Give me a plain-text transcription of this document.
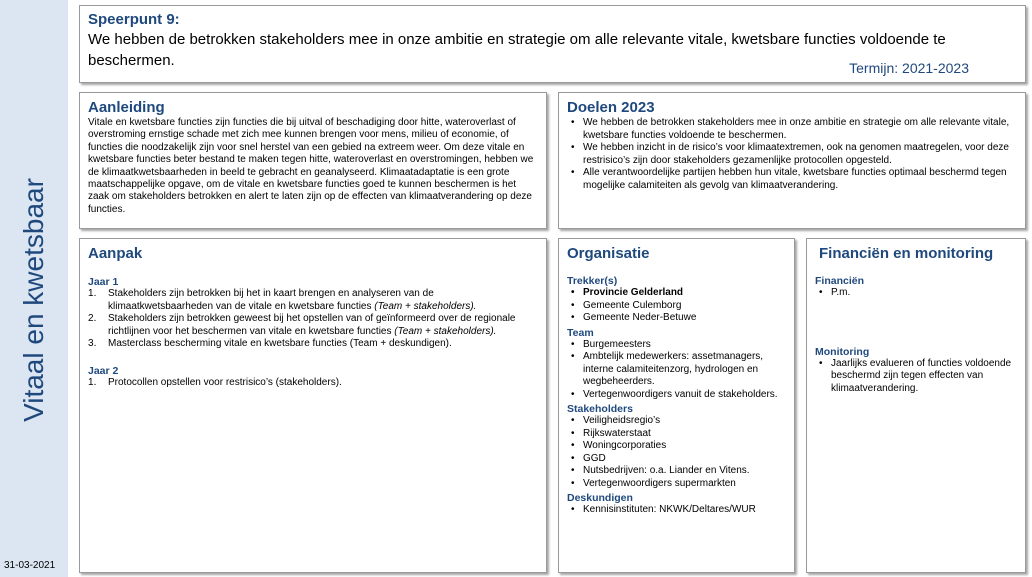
Vitaal en kwetsbaar
31-03-2021
Speerpunt 9:
We hebben de betrokken stakeholders mee in onze ambitie en strategie om alle relevante vitale, kwetsbare functies voldoende te beschermen.	Termijn: 2021-2023
Aanleiding
Vitale en kwetsbare functies zijn functies die bij uitval of beschadiging door hitte, wateroverlast of overstroming ernstige schade met zich mee kunnen brengen voor mens, milieu of economie, of functies die noodzakelijk zijn voor snel herstel van een gebied na extreem weer. Om deze vitale en kwetsbare functies beter bestand te maken tegen hitte, wateroverlast en overstromingen, hebben we de klimaatkwetsbaarheden in beeld te gebracht en geanalyseerd. Klimaatadaptatie is een grote maatschappelijke opgave, om de vitale en kwetsbare functies goed te kunnen beschermen is het zaak om stakeholders betrokken en alert te laten zijn op de effecten van klimaatverandering op deze functies.
Doelen 2023
• We hebben de betrokken stakeholders mee in onze ambitie en strategie om alle relevante vitale, kwetsbare functies voldoende te beschermen.
• We hebben inzicht in de risico’s voor klimaatextremen, ook na genomen maatregelen, voor deze restrisico’s zijn door stakeholders gezamenlijke protocollen opgesteld.
• Alle verantwoordelijke partijen hebben hun vitale, kwetsbare functies optimaal beschermd tegen mogelijke calamiteiten als gevolg van klimaatverandering.
Aanpak
Jaar 1
Stakeholders zijn betrokken bij het in kaart brengen en analyseren van de klimaatkwetsbaarheden van de vitale en kwetsbare functies (Team + stakeholders).
Stakeholders zijn betrokken geweest bij het opstellen van of geïnformeerd over de regionale richtlijnen voor het beschermen van vitale en kwetsbare functies (Team + stakeholders).
Masterclass bescherming vitale en kwetsbare functies (Team + deskundigen).
Jaar 2
Protocollen opstellen voor restrisico’s (stakeholders).
Organisatie
Trekker(s)
• Provincie Gelderland
• Gemeente Culemborg
• Gemeente Neder-Betuwe
Team
• Burgemeesters
• Ambtelijk medewerkers: assetmanagers, interne calamiteitenzorg, hydrologen en wegbeheerders.
• Vertegenwoordigers vanuit de stakeholders.
Stakeholders
• Veiligheidsregio’s
• Rijkswaterstaat
• Woningcorporaties
• GGD
• Nutsbedrijven: o.a. Liander en Vitens.
• Vertegenwoordigers supermarkten
Deskundigen
• Kennisinstituten: NKWK/Deltares/WUR
Financiën en monitoring
Financiën
• P.m.
Monitoring
• Jaarlijks evalueren of functies voldoende beschermd zijn tegen effecten van klimaatverandering.
